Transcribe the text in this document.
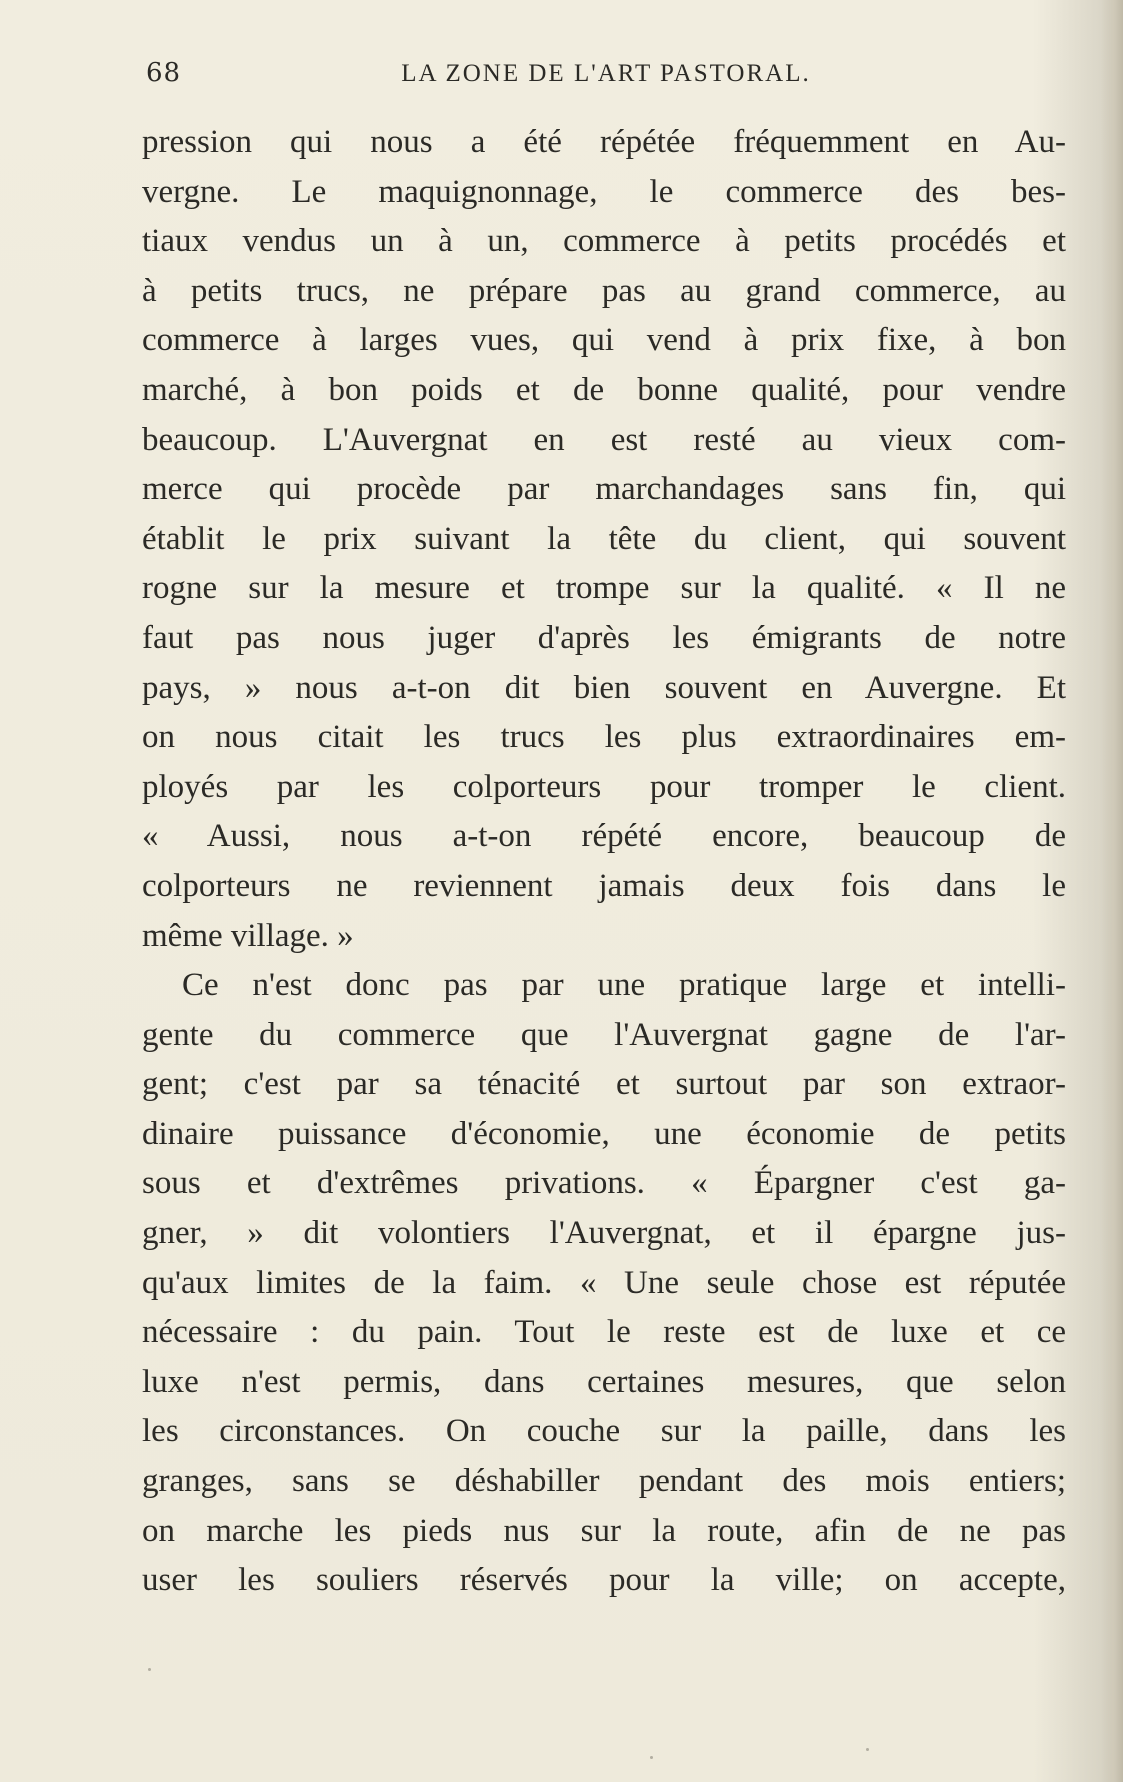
68	LA ZONE DE L'ART PASTORAL.
pression qui nous a été répétée fréquemment en Au-
vergne. Le maquignonnage, le commerce des bes-
tiaux vendus un à un, commerce à petits procédés et
à petits trucs, ne prépare pas au grand commerce, au
commerce à larges vues, qui vend à prix fixe, à bon
marché, à bon poids et de bonne qualité, pour vendre
beaucoup. L'Auvergnat en est resté au vieux com-
merce qui procède par marchandages sans fin, qui
établit le prix suivant la tête du client, qui souvent
rogne sur la mesure et trompe sur la qualité. « Il ne
faut pas nous juger d'après les émigrants de notre
pays, » nous a-t-on dit bien souvent en Auvergne. Et
on nous citait les trucs les plus extraordinaires em-
ployés par les colporteurs pour tromper le client.
« Aussi, nous a-t-on répété encore, beaucoup de
colporteurs ne reviennent jamais deux fois dans le
même village. »
Ce n'est donc pas par une pratique large et intelli-
gente du commerce que l'Auvergnat gagne de l'ar-
gent; c'est par sa ténacité et surtout par son extraor-
dinaire puissance d'économie, une économie de petits
sous et d'extrêmes privations. « Épargner c'est ga-
gner, » dit volontiers l'Auvergnat, et il épargne jus-
qu'aux limites de la faim. « Une seule chose est réputée
nécessaire : du pain. Tout le reste est de luxe et ce
luxe n'est permis, dans certaines mesures, que selon
les circonstances. On couche sur la paille, dans les
granges, sans se déshabiller pendant des mois entiers;
on marche les pieds nus sur la route, afin de ne pas
user les souliers réservés pour la ville; on accepte,
